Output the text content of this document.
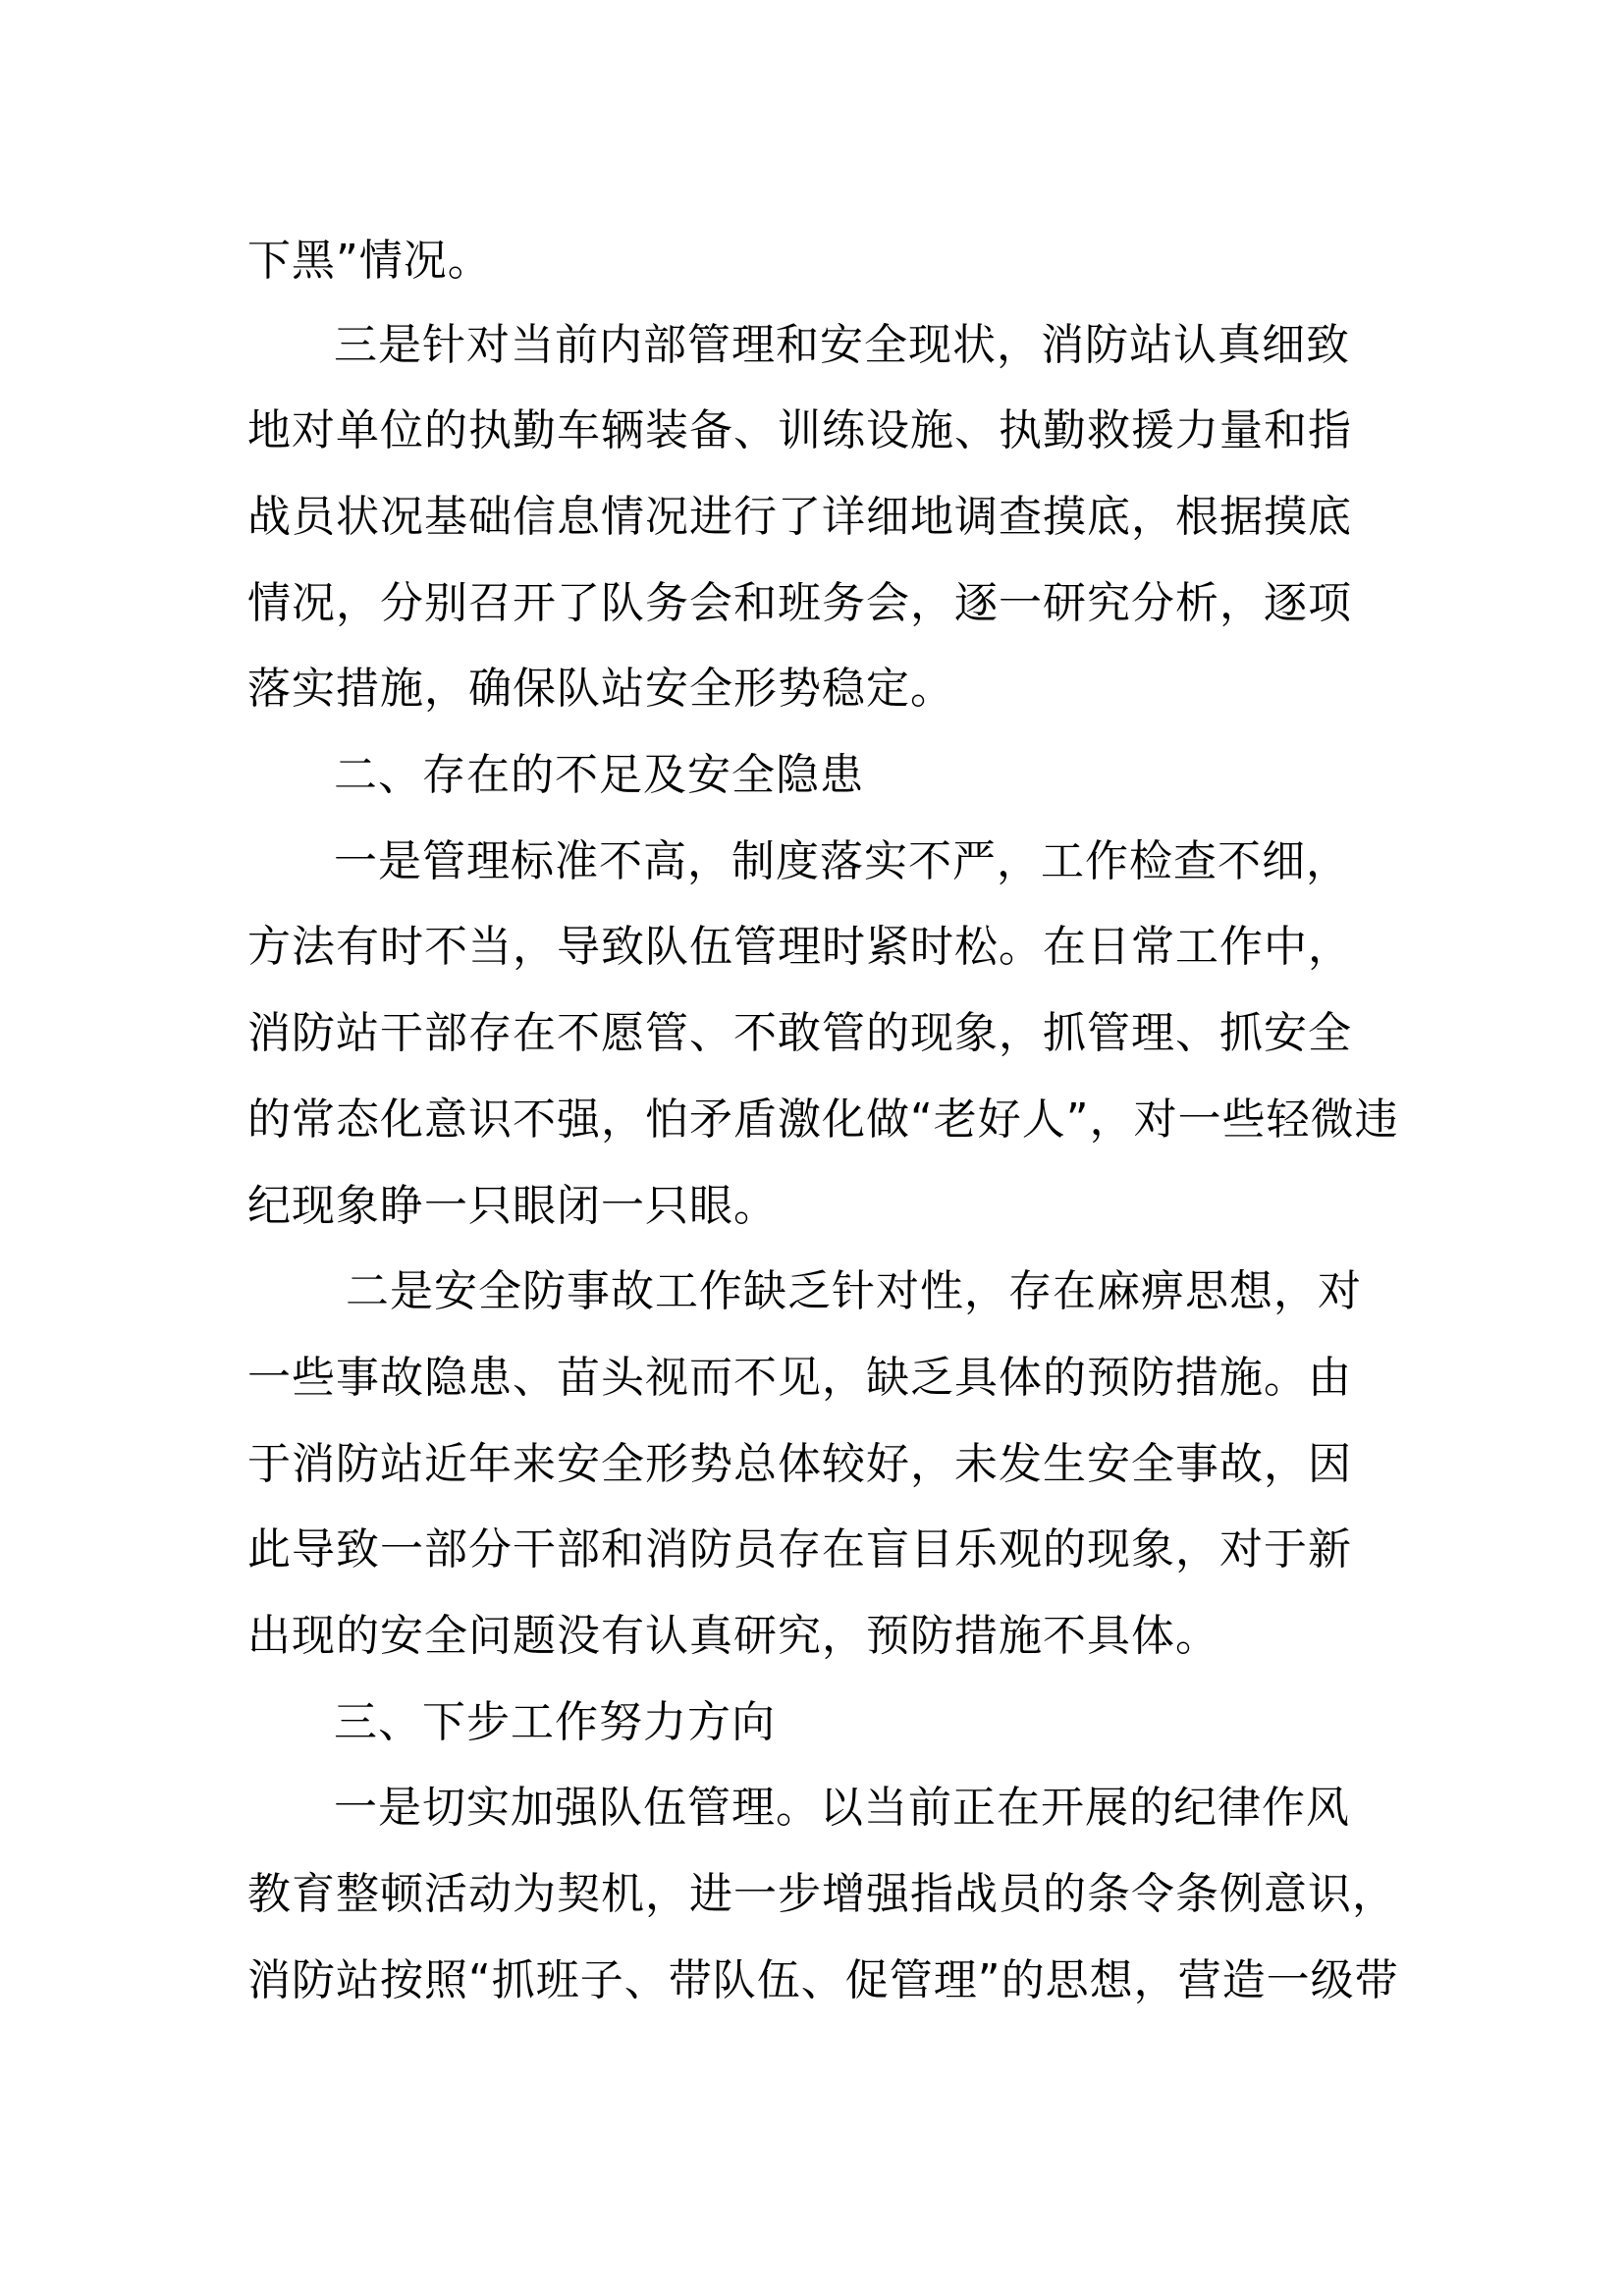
下黑”情况。

三是针对当前内部管理和安全现状，消防站认真细致

地对单位的执勤车辆装备、训练设施、执勤救援力量和指

战员状况基础信息情况进行了详细地调查摸底，根据摸底

情况，分别召开了队务会和班务会，逐一研究分析，逐项

落实措施，确保队站安全形势稳定。

二、存在的不足及安全隐患

一是管理标准不高，制度落实不严，工作检查不细，

方法有时不当，导致队伍管理时紧时松。在日常工作中，

消防站干部存在不愿管、不敢管的现象，抓管理、抓安全

的常态化意识不强，怕矛盾激化做“老好人”，对一些轻微违

纪现象睁一只眼闭一只眼。

二是安全防事故工作缺乏针对性，存在麻痹思想，对

一些事故隐患、苗头视而不见，缺乏具体的预防措施。由

于消防站近年来安全形势总体较好，未发生安全事故，因

此导致一部分干部和消防员存在盲目乐观的现象，对于新

出现的安全问题没有认真研究，预防措施不具体。

三、下步工作努力方向

一是切实加强队伍管理。以当前正在开展的纪律作风

教育整顿活动为契机，进一步增强指战员的条令条例意识，

消防站按照“抓班子、带队伍、促管理”的思想，营造一级带
